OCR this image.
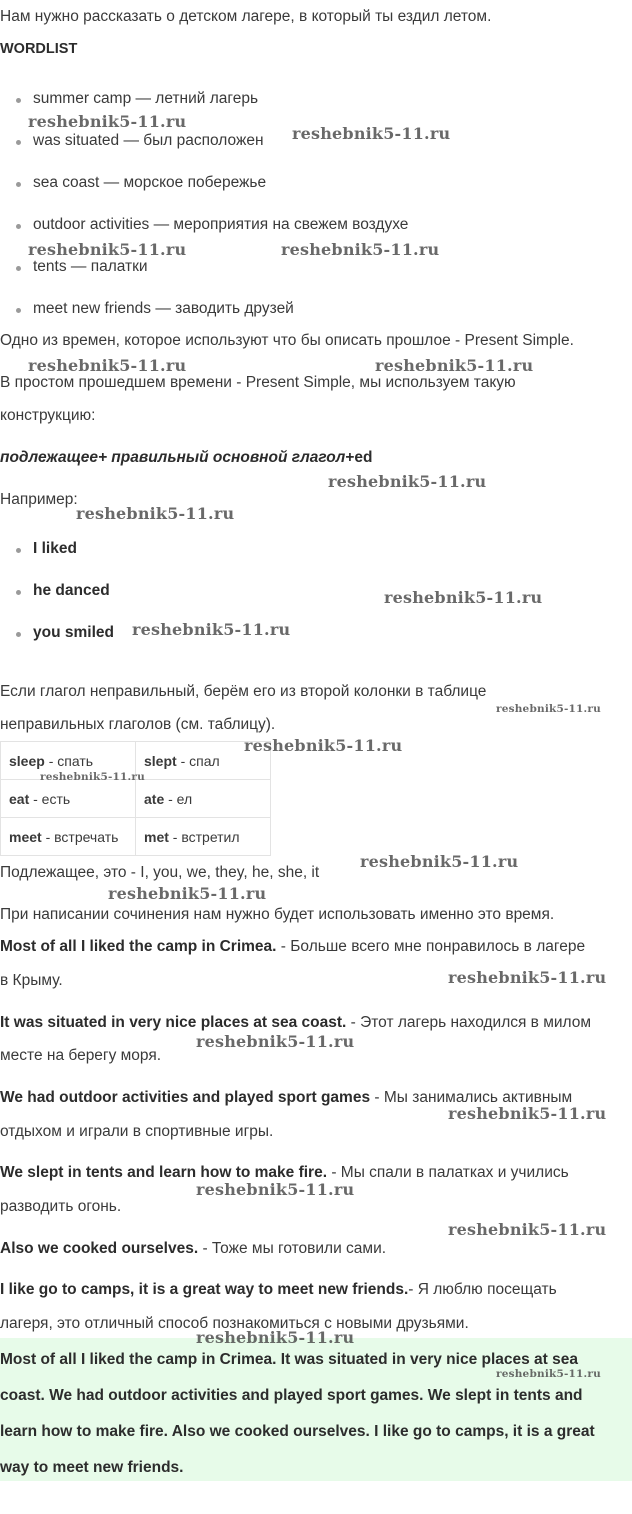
Нам нужно рассказать о детском лагере, в который ты ездил летом.
WORDLIST
summer camp — летний лагерь
was situated — был расположен
sea coast — морское побережье
outdoor activities — мероприятия на свежем воздухе
tents — палатки
meet new friends — заводить друзей
Одно из времен, которое используют что бы описать прошлое - Present Simple.
В простом прошедшем времени - Present Simple, мы используем такую
конструкцию:
подлежащее+ правильный основной глагол+ed
Например:
I liked
he danced
you smiled
Если глагол неправильный, берём его из второй колонки в таблице
неправильных глаголов (см. таблицу).
sleep - спать	slept - спал
eat - есть	ate - ел
meet - встречать	met - встретил
Подлежащее, это - I, you, we, they, he, she, it
При написании сочинения нам нужно будет использовать именно это время.
Most of all I liked the camp in Crimea. - Больше всего мне понравилось в лагере
в Крыму.
It was situated in very nice places at sea coast. - Этот лагерь находился в милом
месте на берегу моря.
We had outdoor activities and played sport games - Мы занимались активным
отдыхом и играли в спортивные игры.
We slept in tents and learn how to make fire. - Мы спали в палатках и учились
разводить огонь.
Also we cooked ourselves. - Тоже мы готовили сами.
I like go to camps, it is a great way to meet new friends.- Я люблю посещать
лагеря, это отличный способ познакомиться с новыми друзьями.

Most of all I liked the camp in Crimea. It was situated in very nice places at sea coast. We had outdoor activities and played sport games. We slept in tents and learn how to make fire. Also we cooked ourselves. I like go to camps, it is a great way to meet new friends.

reshebnik5-11.ru
reshebnik5-11.ru
reshebnik5-11.ru	reshebnik5-11.ru
reshebnik5-11.ru	reshebnik5-11.ru
reshebnik5-11.ru
reshebnik5-11.ru
reshebnik5-11.ru
reshebnik5-11.ru
reshebnik5-11.ru
reshebnik5-11.ru
reshebnik5-11.ru
reshebnik5-11.ru
reshebnik5-11.ru
reshebnik5-11.ru
reshebnik5-11.ru
reshebnik5-11.ru
reshebnik5-11.ru
reshebnik5-11.ru
reshebnik5-11.ru
reshebnik5-11.ru
